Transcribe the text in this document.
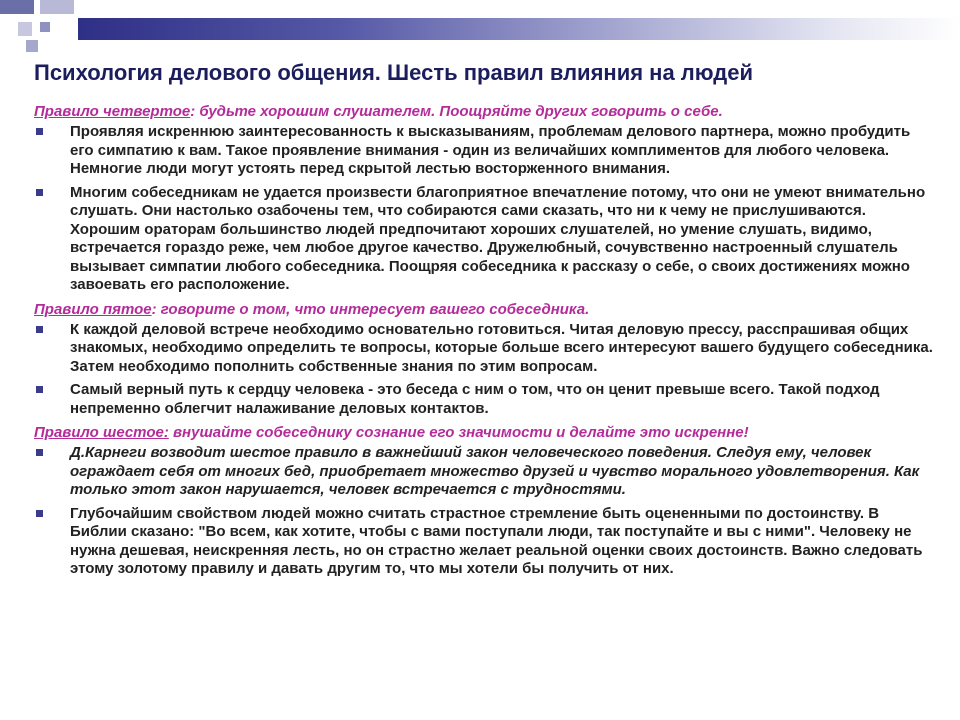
Психология делового общения. Шесть правил влияния на людей
Правило четвертое: будьте хорошим слушателем. Поощряйте других говорить о себе.
Проявляя искреннюю заинтересованность к высказываниям, проблемам делового партнера, можно пробудить его симпатию к вам. Такое проявление внимания - один из величайших комплиментов для любого человека. Немногие люди могут устоять перед скрытой лестью восторженного внимания.
Многим собеседникам не удается произвести благоприятное впечатление потому, что они не умеют внимательно слушать. Они настолько озабочены тем, что собираются сами сказать, что ни к чему не прислушиваются. Хорошим ораторам большинство людей предпочитают хороших слушателей, но умение слушать, видимо, встречается гораздо реже, чем любое другое качество. Дружелюбный, сочувственно настроенный слушатель вызывает симпатии любого собеседника. Поощряя собеседника к рассказу о себе, о своих достижениях можно завоевать его расположение.
Правило пятое: говорите о том, что интересует вашего собеседника.
К каждой деловой встрече необходимо основательно готовиться. Читая деловую прессу, расспрашивая общих знакомых, необходимо определить те вопросы, которые больше всего интересуют вашего будущего собеседника. Затем необходимо пополнить собственные знания по этим вопросам.
Самый верный путь к сердцу человека - это беседа с ним о том, что он ценит превыше всего. Такой подход непременно облегчит налаживание деловых контактов.
Правило шестое: внушайте собеседнику сознание его значимости и делайте это искренне!
Д.Карнеги возводит шестое правило в важнейший закон человеческого поведения. Следуя ему, человек ограждает себя от многих бед, приобретает множество друзей и чувство морального удовлетворения. Как только этот закон нарушается, человек встречается с трудностями.
Глубочайшим свойством людей можно считать страстное стремление быть оцененными по достоинству. В Библии сказано: "Во всем, как хотите, чтобы с вами поступали люди, так поступайте и вы с ними". Человеку не нужна дешевая, неискренняя лесть, но он страстно желает реальной оценки своих достоинств. Важно следовать этому золотому правилу и давать другим то, что мы хотели бы получить от них.
